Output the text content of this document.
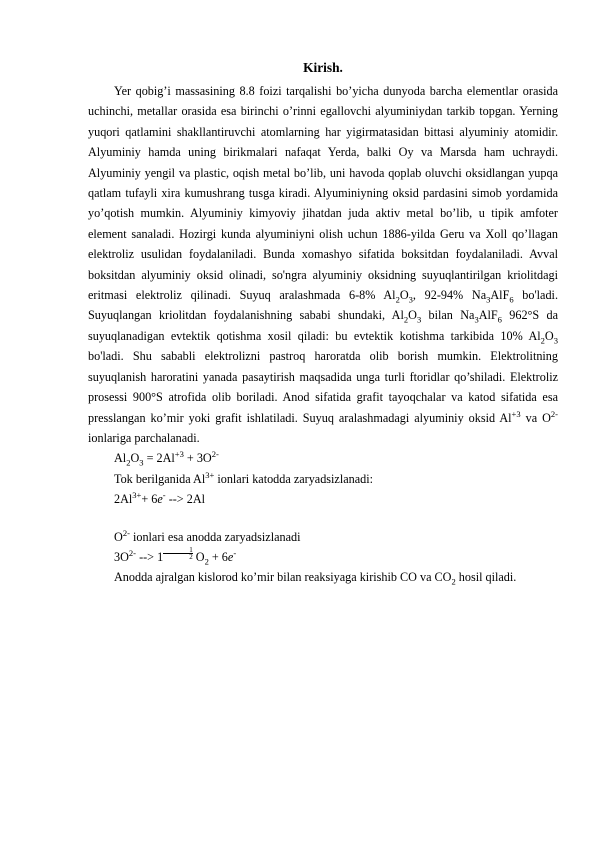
Kirish.

Yer qobig’i massasining 8.8 foizi tarqalishi bo’yicha dunyoda barcha elementlar orasida uchinchi, metallar orasida esa birinchi o’rinni egallovchi alyuminiydan tarkib topgan. Yerning yuqori qatlamini shakllantiruvchi atomlarning har yigirmatasidan bittasi alyuminiy atomidir. Alyuminiy hamda uning birikmalari nafaqat Yerda, balki Oy va Marsda ham uchraydi. Alyuminiy yengil va plastic, oqish metal bo’lib, uni havoda qoplab oluvchi oksidlangan yupqa qatlam tufayli xira kumushrang tusga kiradi. Alyuminiyning oksid pardasini simob yordamida yo’qotish mumkin. Alyuminiy kimyoviy jihatdan juda aktiv metal bo’lib, u tipik amfoter element sanaladi. Hozirgi kunda alyuminiyni olish uchun 1886-yilda Geru va Xoll qo’llagan elektroliz usulidan foydalaniladi. Bunda xomashyo sifatida boksitdan foydalaniladi. Avval boksitdan alyuminiy oksid olinadi, so'ngra alyuminiy oksidning suyuqlantirilgan kriolitdagi eritmasi elektroliz qilinadi. Suyuq aralashmada 6-8% $Al_2O_3$, 92-94% $Na_3AlF_6$ bo'ladi. Suyuqlangan kriolitdan foydalanishning sababi shundaki, $Al_2O_3$ bilan $Na_3AlF_6$ 962°S da suyuqlanadigan evtektik qotishma xosil qiladi: bu evtektik kotishma tarkibida 10% $Al_2O_3$ bo'ladi. Shu sababli elektrolizni pastroq haroratda olib borish mumkin. Elektrolitning suyuqlanish haroratini yanada pasaytirish maqsadida unga turli ftoridlar qo’shiladi. Elektroliz prosessi 900°S atrofida olib boriladi. Anod sifatida grafit tayoqchalar va katod sifatida esa presslangan ko’mir yoki grafit ishlatiladi. Suyuq aralashmadagi alyuminiy oksid $Al^{+3}$ va $O^{2-}$ ionlariga parchalanadi.

$Al_2O_3 = 2Al^{+3} + 3O^{2-}$

Tok berilganida $Al^{3+}$ ionlari katodda zaryadsizlanadi:

$2Al^{3+}+ 6e^-$ --> 2Al

$O^{2-}$ ionlari esa anodda zaryadsizlanadi

$3O^{2-}$ --> $1 \frac{1}{2} O_2 + 6e^-$

Anodda ajralgan kislorod ko’mir bilan reaksiyaga kirishib CO va $CO_2$ hosil qiladi.
